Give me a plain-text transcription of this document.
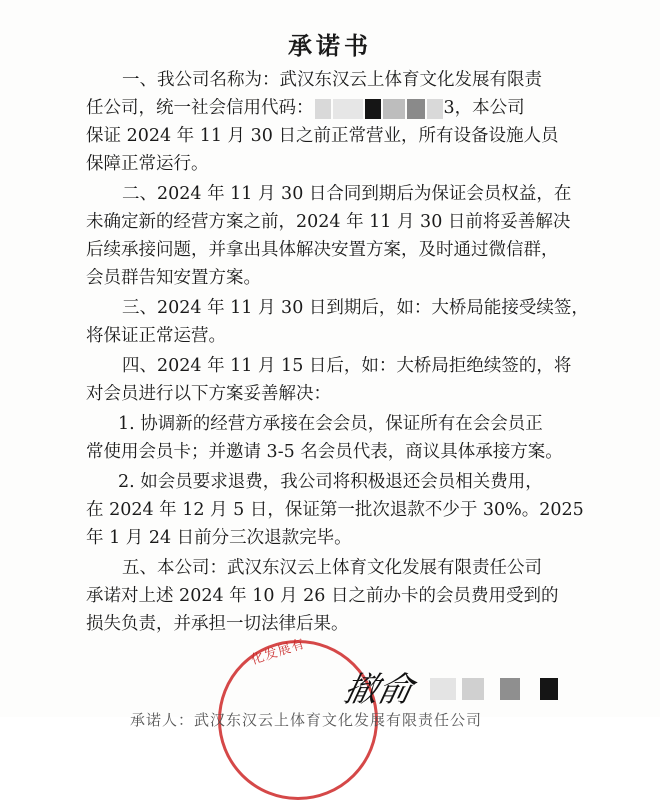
承诺书
一、我公司名称为：武汉东汉云上体育文化发展有限责
任公司，统一社会信用代码：	3，本公司
保证 2024 年 11 月 30 日之前正常营业，所有设备设施人员
保障正常运行。
二、2024 年 11 月 30 日合同到期后为保证会员权益，在
未确定新的经营方案之前，2024 年 11 月 30 日前将妥善解决
后续承接问题，并拿出具体解决安置方案，及时通过微信群，
会员群告知安置方案。
三、2024 年 11 月 30 日到期后，如：大桥局能接受续签，
将保证正常运营。
四、2024 年 11 月 15 日后，如：大桥局拒绝续签的，将
对会员进行以下方案妥善解决：
1. 协调新的经营方承接在会会员，保证所有在会会员正
常使用会员卡；并邀请 3-5 名会员代表，商议具体承接方案。
2. 如会员要求退费，我公司将积极退还会员相关费用，
在 2024 年 12 月 5 日，保证第一批次退款不少于 30%。2025
年 1 月 24 日前分三次退款完毕。
五、本公司：武汉东汉云上体育文化发展有限责任公司
承诺对上述 2024 年 10 月 26 日之前办卡的会员费用受到的
损失负责，并承担一切法律后果。
化发展有
撤俞
承诺人：武汉东汉云上体育文化发展有限责任公司
